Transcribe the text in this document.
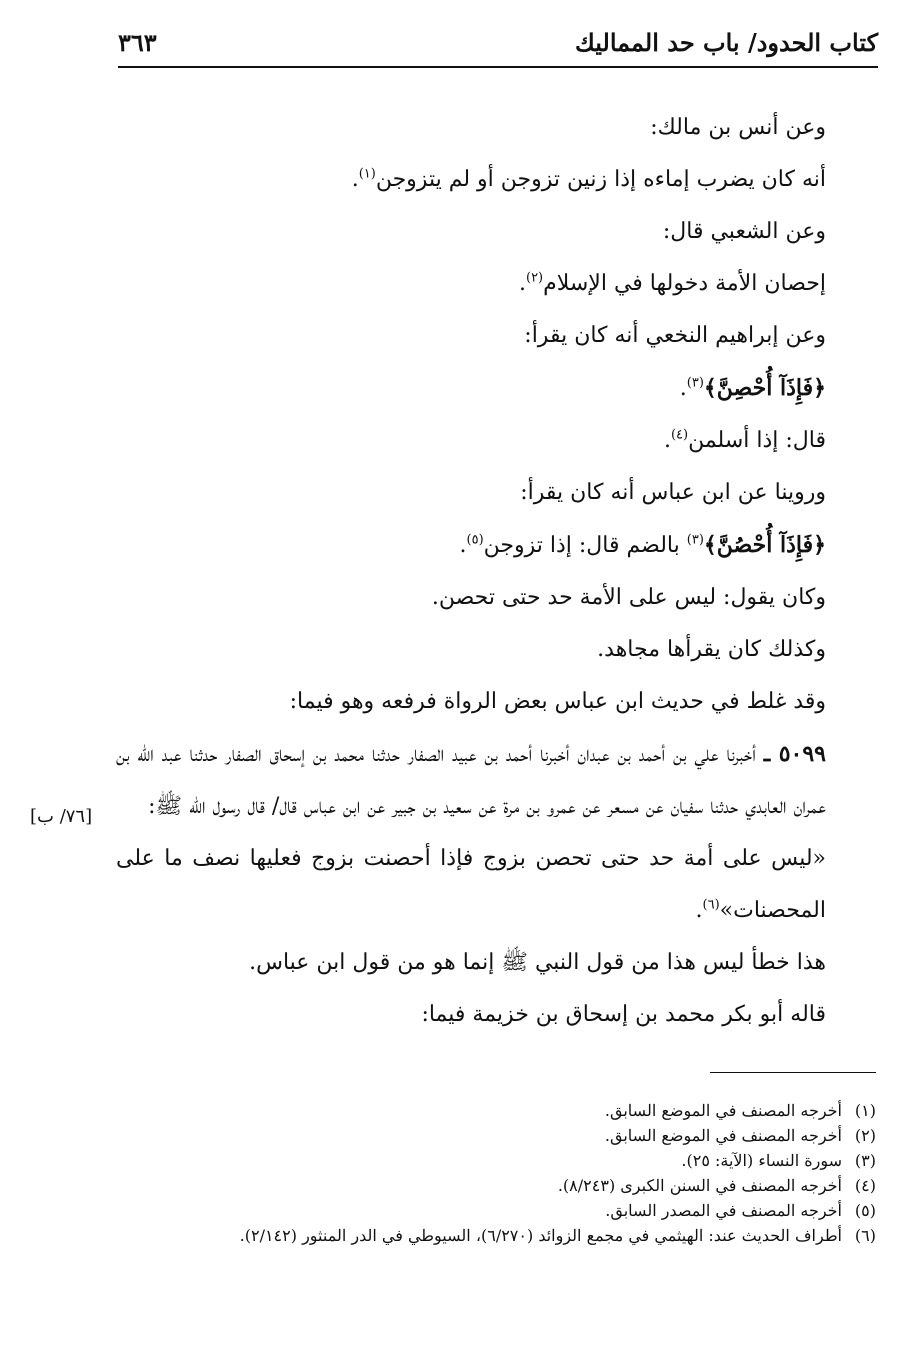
كتاب الحدود/ باب حد المماليك
٣٦٣

وعن أنس بن مالك:

أنه كان يضرب إماءه إذا زنين تزوجن أو لم يتزوجن$^{(١)}$.

وعن الشعبي قال:

إحصان الأمة دخولها في الإسلام$^{(٢)}$.

وعن إبراهيم النخعي أنه كان يقرأ:

﴿فَإِذَآ أُحْصِنَّ﴾$^{(٣)}$.

قال: إذا أسلمن$^{(٤)}$.

وروينا عن ابن عباس أنه كان يقرأ:

﴿فَإِذَآ أُحْصُنَّ﴾$^{(٣)}$ بالضم قال: إذا تزوجن$^{(٥)}$.

وكان يقول: ليس على الأمة حد حتى تحصن.

وكذلك كان يقرأها مجاهد.

وقد غلط في حديث ابن عباس بعض الرواة فرفعه وهو فيما:

٥٠٩٩ ـ أخبرنا علي بن أحمد بن عبدان أخبرنا أحمد بن عبيد الصفار حدثنا محمد بن إسحاق الصفار حدثنا عبد الله بن عمران العابدي حدثنا سفيان عن مسعر عن عمرو بن مرة عن سعيد بن جبير عن ابن عباس قال/ قال رسول الله ﷺ:

«ليس على أمة حد حتى تحصن بزوج فإذا أحصنت بزوج فعليها نصف ما على المحصنات»$^{(٦)}$.

هذا خطأ ليس هذا من قول النبي ﷺ إنما هو من قول ابن عباس.

قاله أبو بكر محمد بن إسحاق بن خزيمة فيما:

[٧٦/ ب]

(١)أخرجه المصنف في الموضع السابق.

(٢)أخرجه المصنف في الموضع السابق.

(٣)سورة النساء (الآية: ٢٥).

(٤)أخرجه المصنف في السنن الكبرى (٨/٢٤٣).

(٥)أخرجه المصنف في المصدر السابق.

(٦)أطراف الحديث عند: الهيثمي في مجمع الزوائد (٦/٢٧٠)، السيوطي في الدر المنثور (٢/١٤٢).
